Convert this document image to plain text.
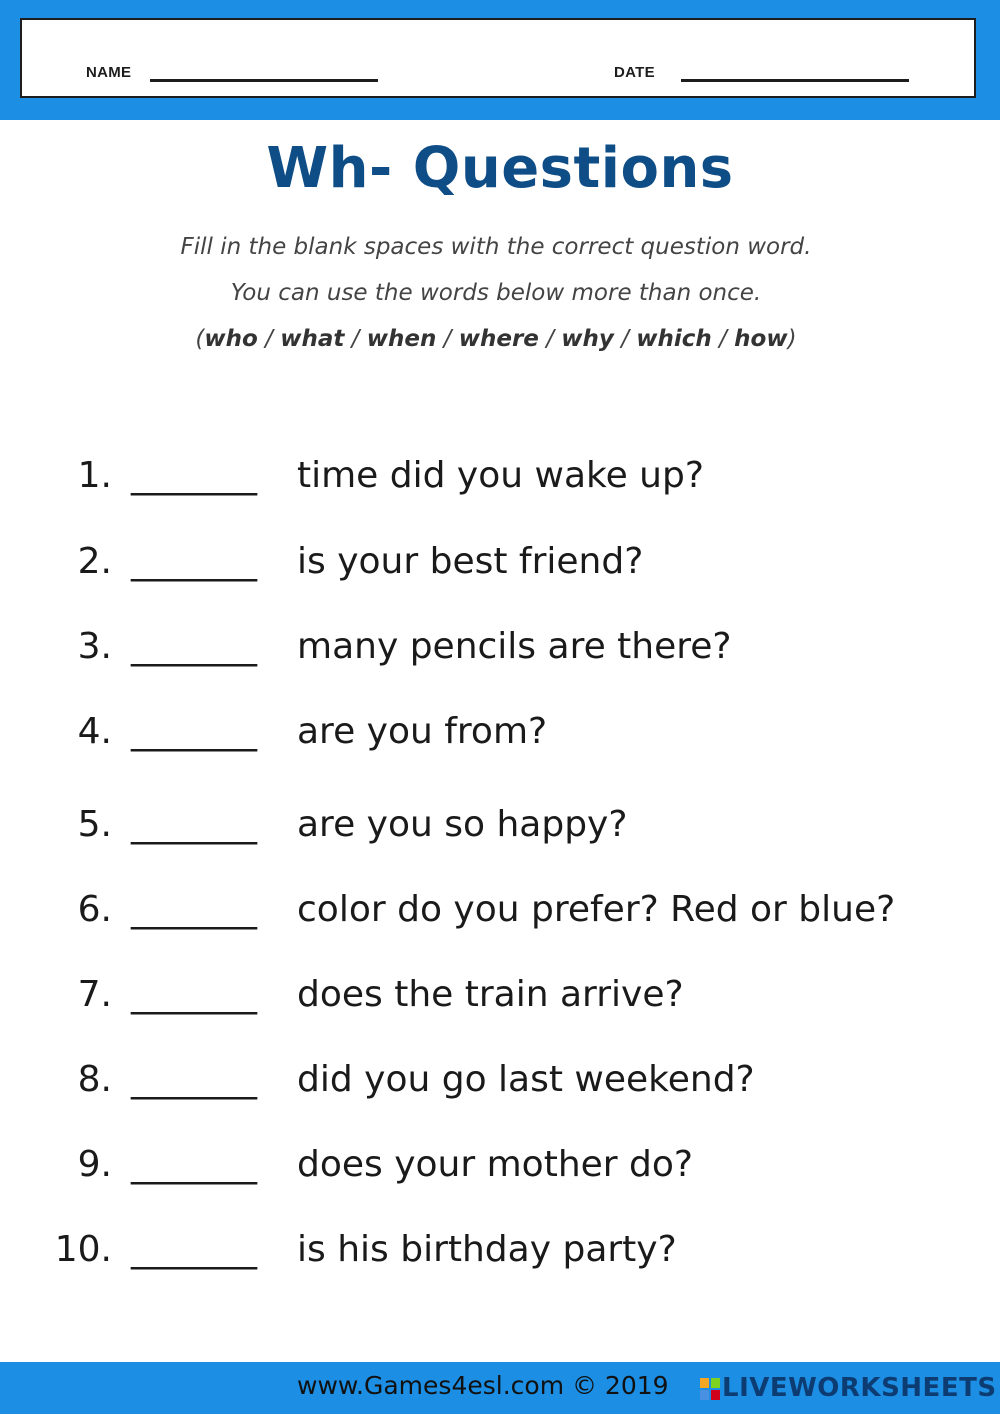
NAME	DATE
Wh- Questions
Fill in the blank spaces with the correct question word.
You can use the words below more than once.
(who / what / when / where / why / which / how)
1. _______ time did you wake up?
2. _______ is your best friend?
3. _______ many pencils are there?
4. _______ are you from?
5. _______ are you so happy?
6. _______ color do you prefer? Red or blue?
7. _______ does the train arrive?
8. _______ did you go last weekend?
9. _______ does your mother do?
10. _______ is his birthday party?
www.Games4esl.com © 2019 LIVEWORKSHEETS
